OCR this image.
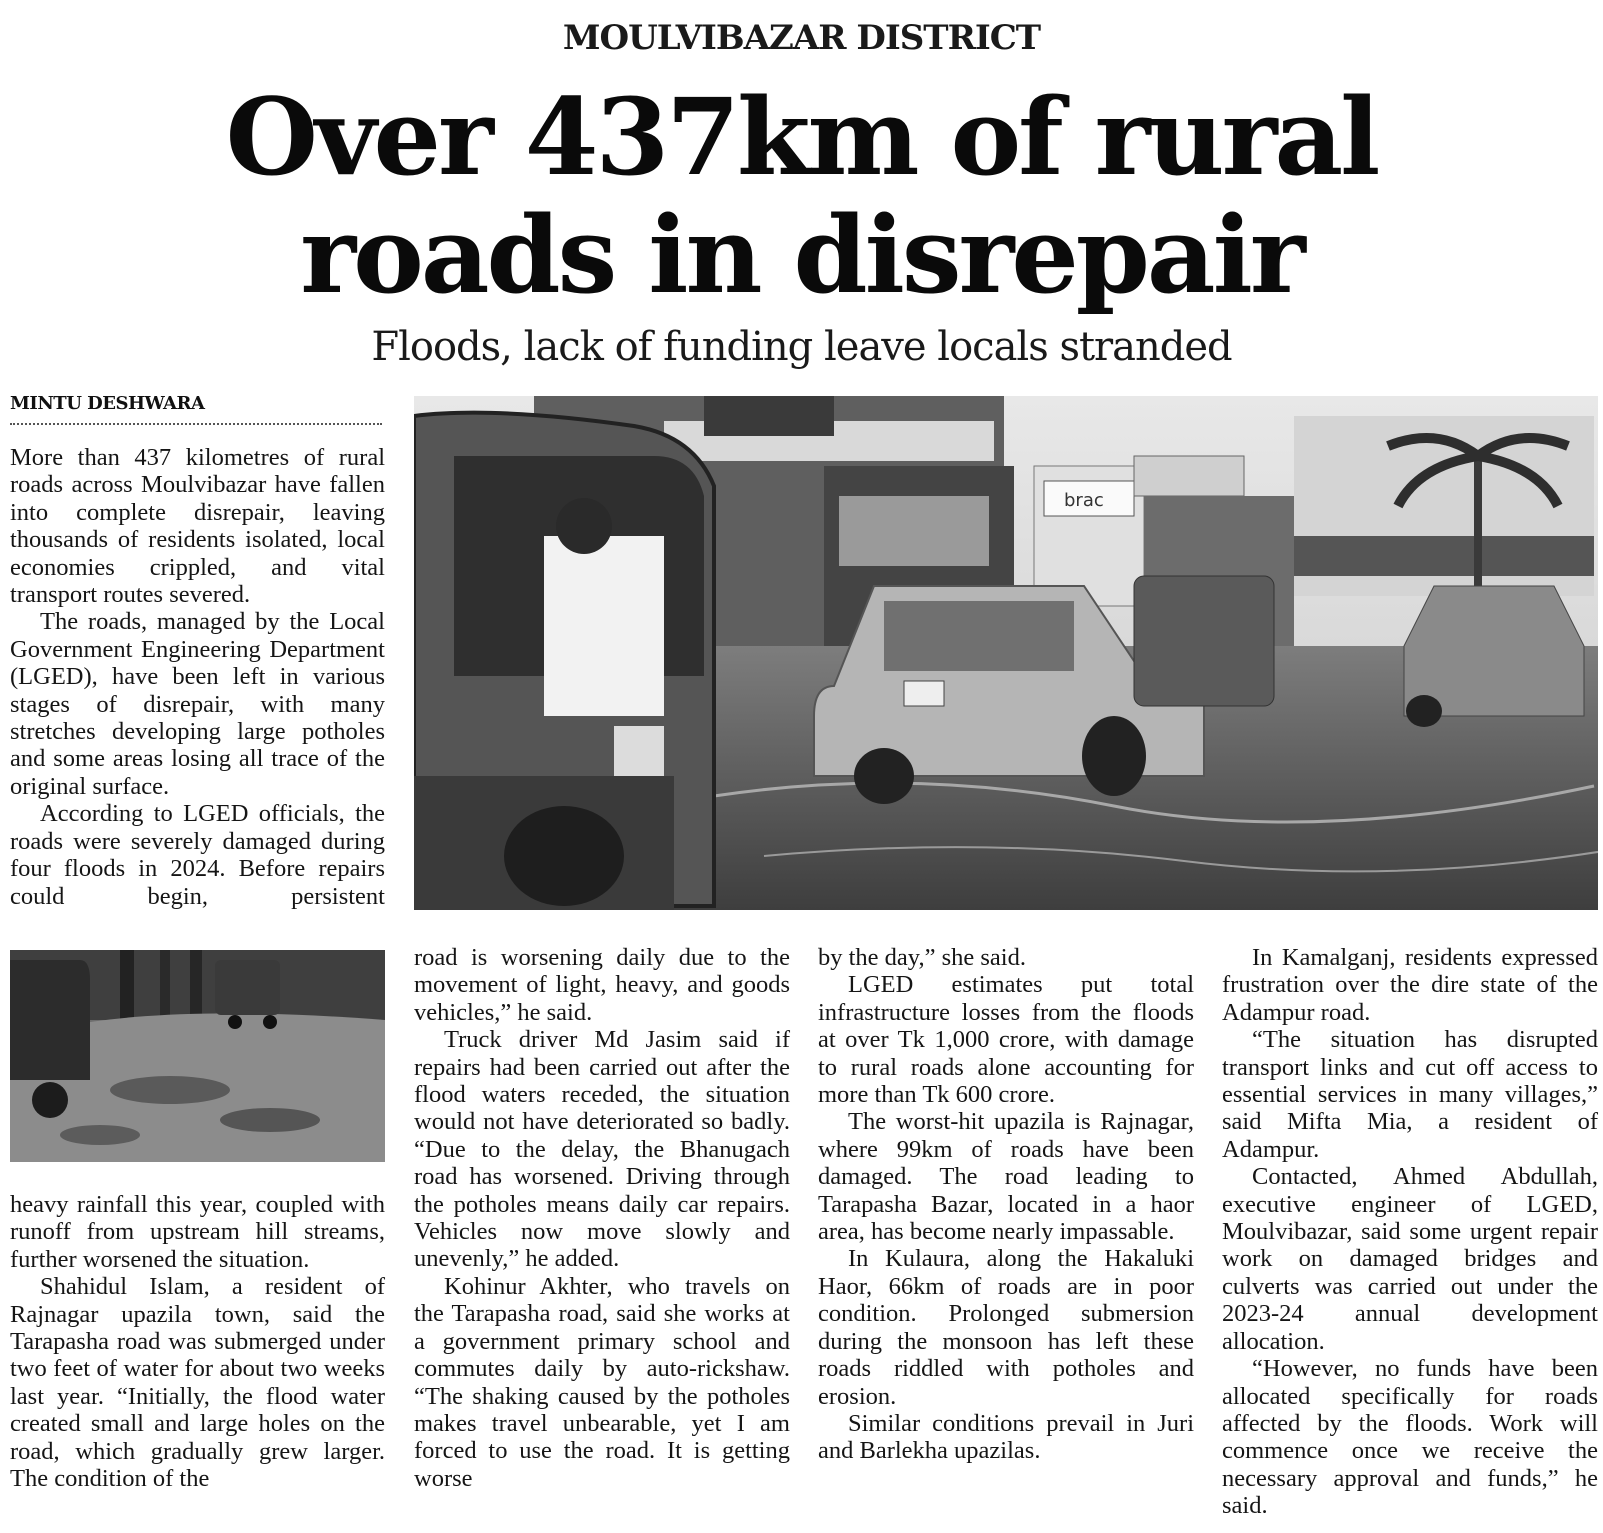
MOULVIBAZAR DISTRICT
Over 437km of rural
roads in disrepair
Floods, lack of funding leave locals stranded
MINTU DESHWARA

More than 437 kilometres of rural roads across Moulvibazar have fallen into complete disrepair, leaving thousands of residents isolated, local economies crippled, and vital transport routes severed.

The roads, managed by the Local Government Engineering Department (LGED), have been left in various stages of disrepair, with many stretches developing large potholes and some areas losing all trace of the original surface.

According to LGED officials, the roads were severely damaged during four floods in 2024. Before repairs could begin, persistent

brac

heavy rainfall this year, coupled with runoff from upstream hill streams, further worsened the situation.

Shahidul Islam, a resident of Rajnagar upazila town, said the Tarapasha road was submerged under two feet of water for about two weeks last year. “Initially, the flood water created small and large holes on the road, which gradually grew larger. The condition of the

road is worsening daily due to the movement of light, heavy, and goods vehicles,” he said.

Truck driver Md Jasim said if repairs had been carried out after the flood waters receded, the situation would not have deteriorated so badly. “Due to the delay, the Bhanugach road has worsened. Driving through the potholes means daily car repairs. Vehicles now move slowly and unevenly,” he added.

Kohinur Akhter, who travels on the Tarapasha road, said she works at a government primary school and commutes daily by auto-rickshaw. “The shaking caused by the potholes makes travel unbearable, yet I am forced to use the road. It is getting worse

by the day,” she said.

LGED estimates put total infrastructure losses from the floods at over Tk 1,000 crore, with damage to rural roads alone accounting for more than Tk 600 crore.

The worst-hit upazila is Rajnagar, where 99km of roads have been damaged. The road leading to Tarapasha Bazar, located in a haor area, has become nearly impassable.

In Kulaura, along the Hakaluki Haor, 66km of roads are in poor condition. Prolonged submersion during the monsoon has left these roads riddled with potholes and erosion.

Similar conditions prevail in Juri and Barlekha upazilas.

In Kamalganj, residents expressed frustration over the dire state of the Adampur road.

“The situation has disrupted transport links and cut off access to essential services in many villages,” said Mifta Mia, a resident of Adampur.

Contacted, Ahmed Abdullah, executive engineer of LGED, Moulvibazar, said some urgent repair work on damaged bridges and culverts was carried out under the 2023-24 annual development allocation.

“However, no funds have been allocated specifically for roads affected by the floods. Work will commence once we receive the necessary approval and funds,” he said.
